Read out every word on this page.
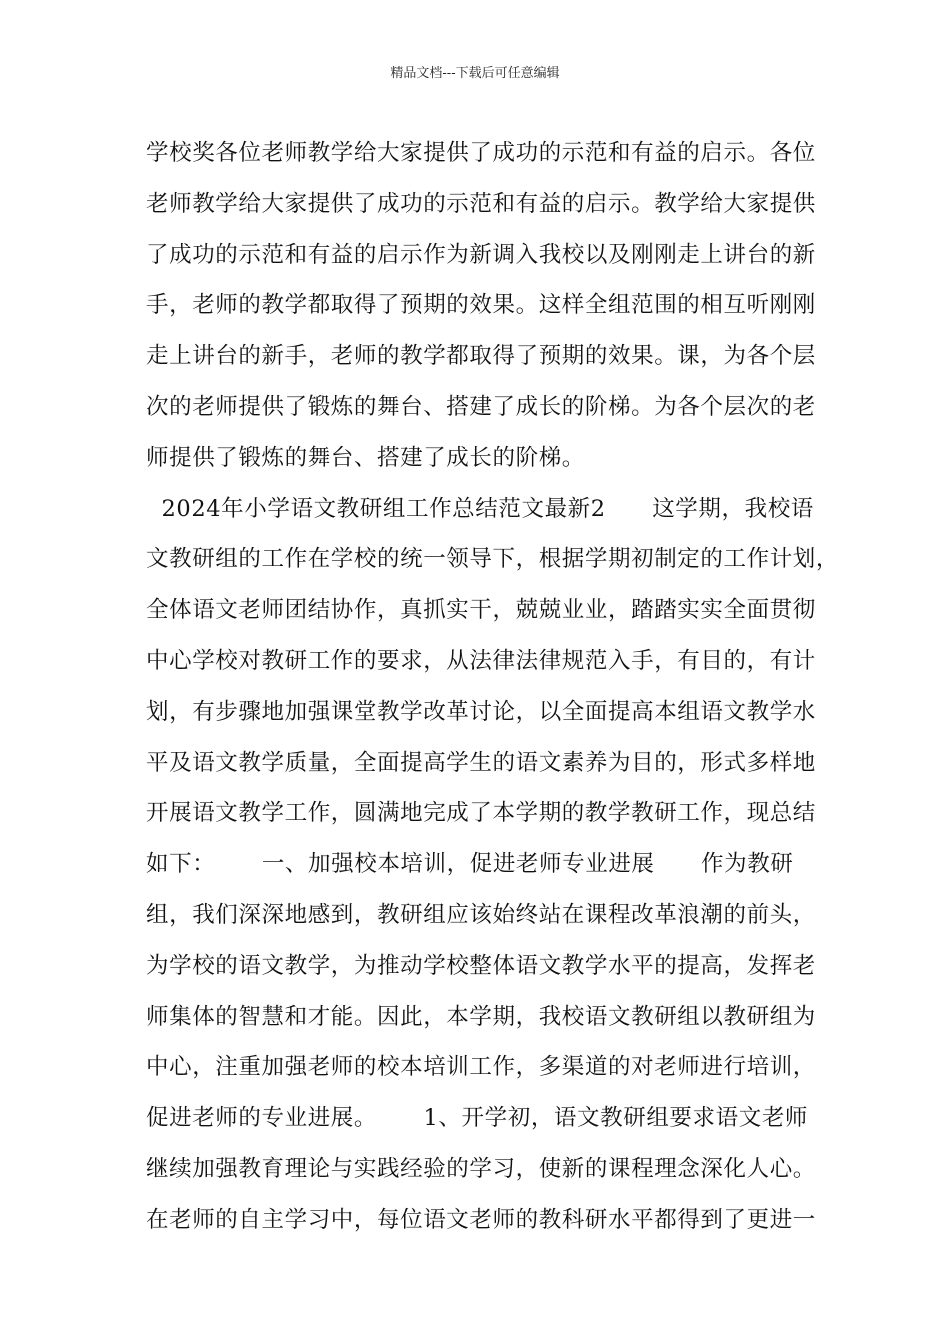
精品文档---下载后可任意编辑
学校奖各位老师教学给大家提供了成功的示范和有益的启示。各位
老师教学给大家提供了成功的示范和有益的启示。教学给大家提供
了成功的示范和有益的启示作为新调入我校以及刚刚走上讲台的新
手，老师的教学都取得了预期的效果。这样全组范围的相互听刚刚
走上讲台的新手，老师的教学都取得了预期的效果。课，为各个层
次的老师提供了锻炼的舞台、搭建了成长的阶梯。为各个层次的老
师提供了锻炼的舞台、搭建了成长的阶梯。
2024年小学语文教研组工作总结范文最新2      这学期，我校语
文教研组的工作在学校的统一领导下，根据学期初制定的工作计划，
全体语文老师团结协作，真抓实干，兢兢业业，踏踏实实全面贯彻
中心学校对教研工作的要求，从法律法律规范入手，有目的，有计
划，有步骤地加强课堂教学改革讨论，以全面提高本组语文教学水
平及语文教学质量，全面提高学生的语文素养为目的，形式多样地
开展语文教学工作，圆满地完成了本学期的教学教研工作，现总结
如下：      一、加强校本培训，促进老师专业进展      作为教研
组，我们深深地感到，教研组应该始终站在课程改革浪潮的前头，
为学校的语文教学，为推动学校整体语文教学水平的提高，发挥老
师集体的智慧和才能。因此，本学期，我校语文教研组以教研组为
中心，注重加强老师的校本培训工作，多渠道的对老师进行培训，
促进老师的专业进展。      1、开学初，语文教研组要求语文老师
继续加强教育理论与实践经验的学习，使新的课程理念深化人心。
在老师的自主学习中，每位语文老师的教科研水平都得到了更进一
